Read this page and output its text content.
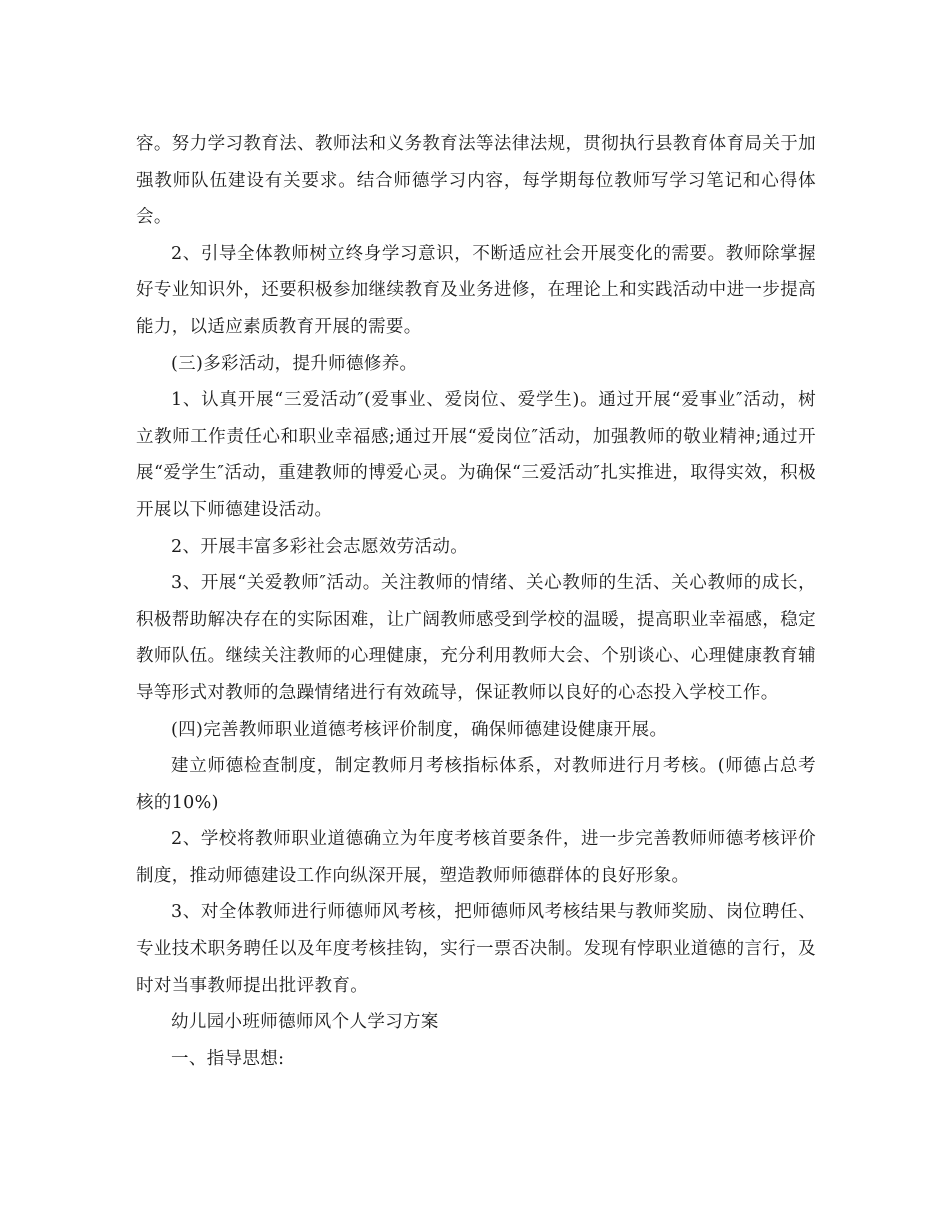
容。努力学习教育法、教师法和义务教育法等法律法规，贯彻执行县教育体育局关于加强教师队伍建设有关要求。结合师德学习内容，每学期每位教师写学习笔记和心得体会。

2、引导全体教师树立终身学习意识，不断适应社会开展变化的需要。教师除掌握好专业知识外，还要积极参加继续教育及业务进修，在理论上和实践活动中进一步提高能力，以适应素质教育开展的需要。

(三)多彩活动，提升师德修养。

1、认真开展“三爱活动″(爱事业、爱岗位、爱学生)。通过开展“爱事业″活动，树立教师工作责任心和职业幸福感;通过开展“爱岗位″活动，加强教师的敬业精神;通过开展“爱学生″活动，重建教师的博爱心灵。为确保“三爱活动″扎实推进，取得实效，积极开展以下师德建设活动。

2、开展丰富多彩社会志愿效劳活动。

3、开展“关爱教师″活动。关注教师的情绪、关心教师的生活、关心教师的成长，积极帮助解决存在的实际困难，让广阔教师感受到学校的温暖，提高职业幸福感，稳定教师队伍。继续关注教师的心理健康，充分利用教师大会、个别谈心、心理健康教育辅导等形式对教师的急躁情绪进行有效疏导，保证教师以良好的心态投入学校工作。

(四)完善教师职业道德考核评价制度，确保师德建设健康开展。

建立师德检查制度，制定教师月考核指标体系，对教师进行月考核。(师德占总考核的10%)

2、学校将教师职业道德确立为年度考核首要条件，进一步完善教师师德考核评价制度，推动师德建设工作向纵深开展，塑造教师师德群体的良好形象。

3、对全体教师进行师德师风考核，把师德师风考核结果与教师奖励、岗位聘任、专业技术职务聘任以及年度考核挂钩，实行一票否决制。发现有悖职业道德的言行，及时对当事教师提出批评教育。

幼儿园小班师德师风个人学习方案

一、指导思想:
